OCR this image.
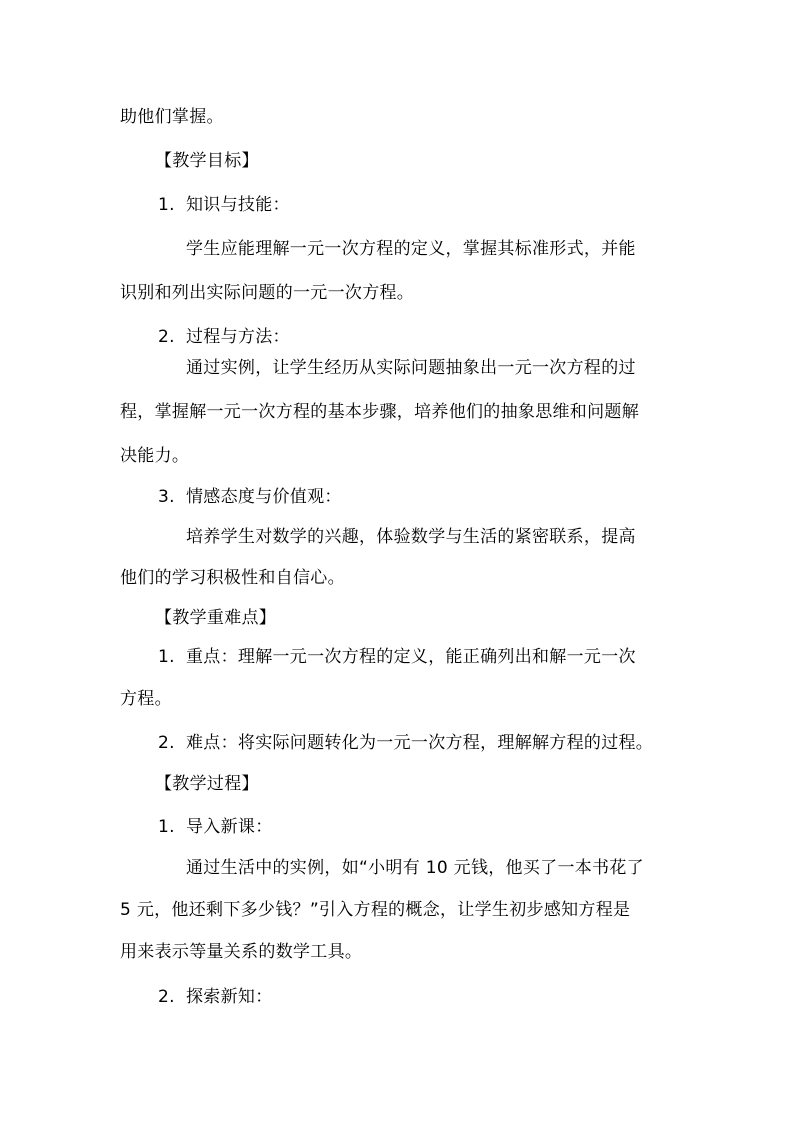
助他们掌握。
【教学目标】
1. 知识与技能：
学生应能理解一元一次方程的定义，掌握其标准形式，并能
识别和列出实际问题的一元一次方程。
2. 过程与方法：
通过实例，让学生经历从实际问题抽象出一元一次方程的过
程，掌握解一元一次方程的基本步骤，培养他们的抽象思维和问题解
决能力。
3. 情感态度与价值观：
培养学生对数学的兴趣，体验数学与生活的紧密联系，提高
他们的学习积极性和自信心。
【教学重难点】
1. 重点：理解一元一次方程的定义，能正确列出和解一元一次
方程。
2. 难点：将实际问题转化为一元一次方程，理解解方程的过程。
【教学过程】
1. 导入新课：
通过生活中的实例，如“小明有 10 元钱，他买了一本书花了
5 元，他还剩下多少钱？”引入方程的概念，让学生初步感知方程是
用来表示等量关系的数学工具。
2. 探索新知：
